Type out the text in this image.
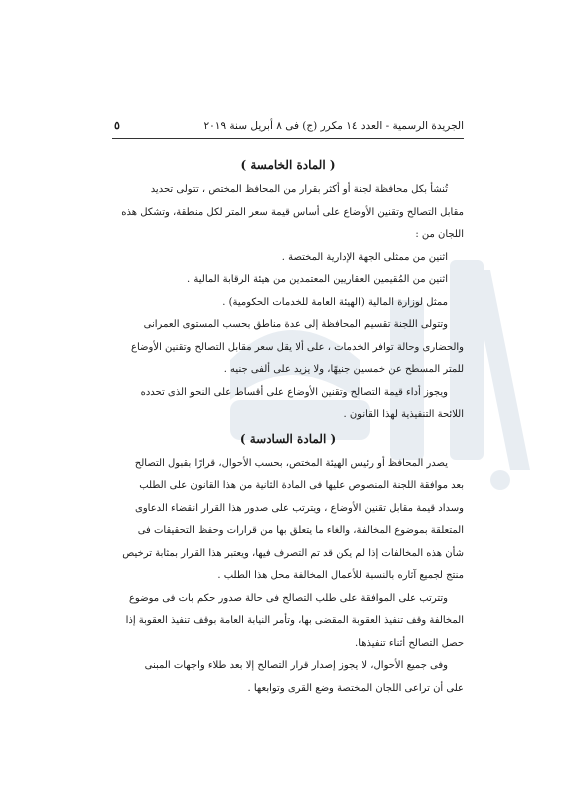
الجريدة الرسمية - العدد ١٤ مكرر (ج) فى ٨ أبريل سنة ٢٠١٩
٥
( المادة الخامسة )

تُنشأ بكل محافظة لجنة أو أكثر بقرار من المحافظ المختص ، تتولى تحديد

مقابل التصالح وتقنين الأوضاع على أساس قيمة سعر المتر لكل منطقة، وتشكل هذه

اللجان من :

اثنين من ممثلى الجهة الإدارية المختصة .

اثنين من المُقيمين العقاريين المعتمدين من هيئة الرقابة المالية .

ممثل لوزارة المالية (الهيئة العامة للخدمات الحكومية) .

وتتولى اللجنة تقسيم المحافظة إلى عدة مناطق بحسب المستوى العمرانى

والحضارى وحالة توافر الخدمات ، على ألا يقل سعر مقابل التصالح وتقنين الأوضاع

للمتر المسطح عن خمسين جنيهًا، ولا يزيد على ألفى جنيه .

ويجوز أداء قيمة التصالح وتقنين الأوضاع على أقساط على النحو الذى تحدده

اللائحة التنفيذية لهذا القانون .

( المادة السادسة )

يصدر المحافظ أو رئيس الهيئة المختص، بحسب الأحوال، قرارًا بقبول التصالح

بعد موافقة اللجنة المنصوص عليها فى المادة الثانية من هذا القانون على الطلب

وسداد قيمة مقابل تقنين الأوضاع ، ويترتب على صدور هذا القرار انقضاء الدعاوى

المتعلقة بموضوع المخالفة، والغاء ما يتعلق بها من قرارات وحفظ التحقيقات فى

شأن هذه المخالفات إذا لم يكن قد تم التصرف فيها، ويعتبر هذا القرار بمثابة ترخيص

منتج لجميع آثاره بالنسبة للأعمال المخالفة محل هذا الطلب .

وتترتب على الموافقة على طلب التصالح فى حالة صدور حكم بات فى موضوع

المخالفة وقف تنفيذ العقوبة المقضى بها، وتأمر النيابة العامة بوقف تنفيذ العقوبة إذا

حصل التصالح أثناء تنفيذها.

وفى جميع الأحوال، لا يجوز إصدار قرار التصالح إلا بعد طلاء واجهات المبنى

على أن تراعى اللجان المختصة وضع القرى وتوابعها .
